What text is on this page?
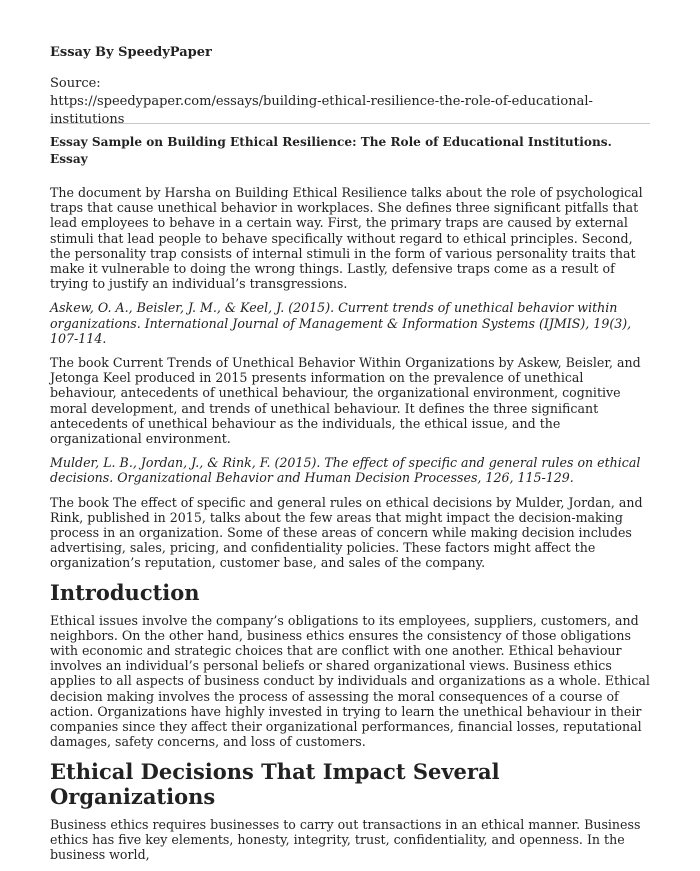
Essay By SpeedyPaper

Source:

https://speedypaper.com/essays/building-ethical-resilience-the-role-of-educational-institutions

Essay Sample on Building Ethical Resilience: The Role of Educational Institutions. Essay

The document by Harsha on Building Ethical Resilience talks about the role of psychological traps that cause unethical behavior in workplaces. She defines three significant pitfalls that lead employees to behave in a certain way. First, the primary traps are caused by external stimuli that lead people to behave specifically without regard to ethical principles. Second, the personality trap consists of internal stimuli in the form of various personality traits that make it vulnerable to doing the wrong things. Lastly, defensive traps come as a result of trying to justify an individual’s transgressions.

Askew, O. A., Beisler, J. M., & Keel, J. (2015). Current trends of unethical behavior within organizations. International Journal of Management & Information Systems (IJMIS), 19(3), 107-114.

The book Current Trends of Unethical Behavior Within Organizations by Askew, Beisler, and Jetonga Keel produced in 2015 presents information on the prevalence of unethical behaviour, antecedents of unethical behaviour, the organizational environment, cognitive moral development, and trends of unethical behaviour. It defines the three significant antecedents of unethical behaviour as the individuals, the ethical issue, and the organizational environment.

Mulder, L. B., Jordan, J., & Rink, F. (2015). The effect of specific and general rules on ethical decisions. Organizational Behavior and Human Decision Processes, 126, 115-129.

The book The effect of specific and general rules on ethical decisions by Mulder, Jordan, and Rink, published in 2015, talks about the few areas that might impact the decision-making process in an organization. Some of these areas of concern while making decision includes advertising, sales, pricing, and confidentiality policies. These factors might affect the organization’s reputation, customer base, and sales of the company.

Introduction

Ethical issues involve the company’s obligations to its employees, suppliers, customers, and neighbors. On the other hand, business ethics ensures the consistency of those obligations with economic and strategic choices that are conflict with one another. Ethical behaviour involves an individual’s personal beliefs or shared organizational views. Business ethics applies to all aspects of business conduct by individuals and organizations as a whole. Ethical decision making involves the process of assessing the moral consequences of a course of action. Organizations have highly invested in trying to learn the unethical behaviour in their companies since they affect their organizational performances, financial losses, reputational damages, safety concerns, and loss of customers.

Ethical Decisions That Impact Several Organizations

Business ethics requires businesses to carry out transactions in an ethical manner. Business ethics has five key elements, honesty, integrity, trust, confidentiality, and openness. In the business world,
